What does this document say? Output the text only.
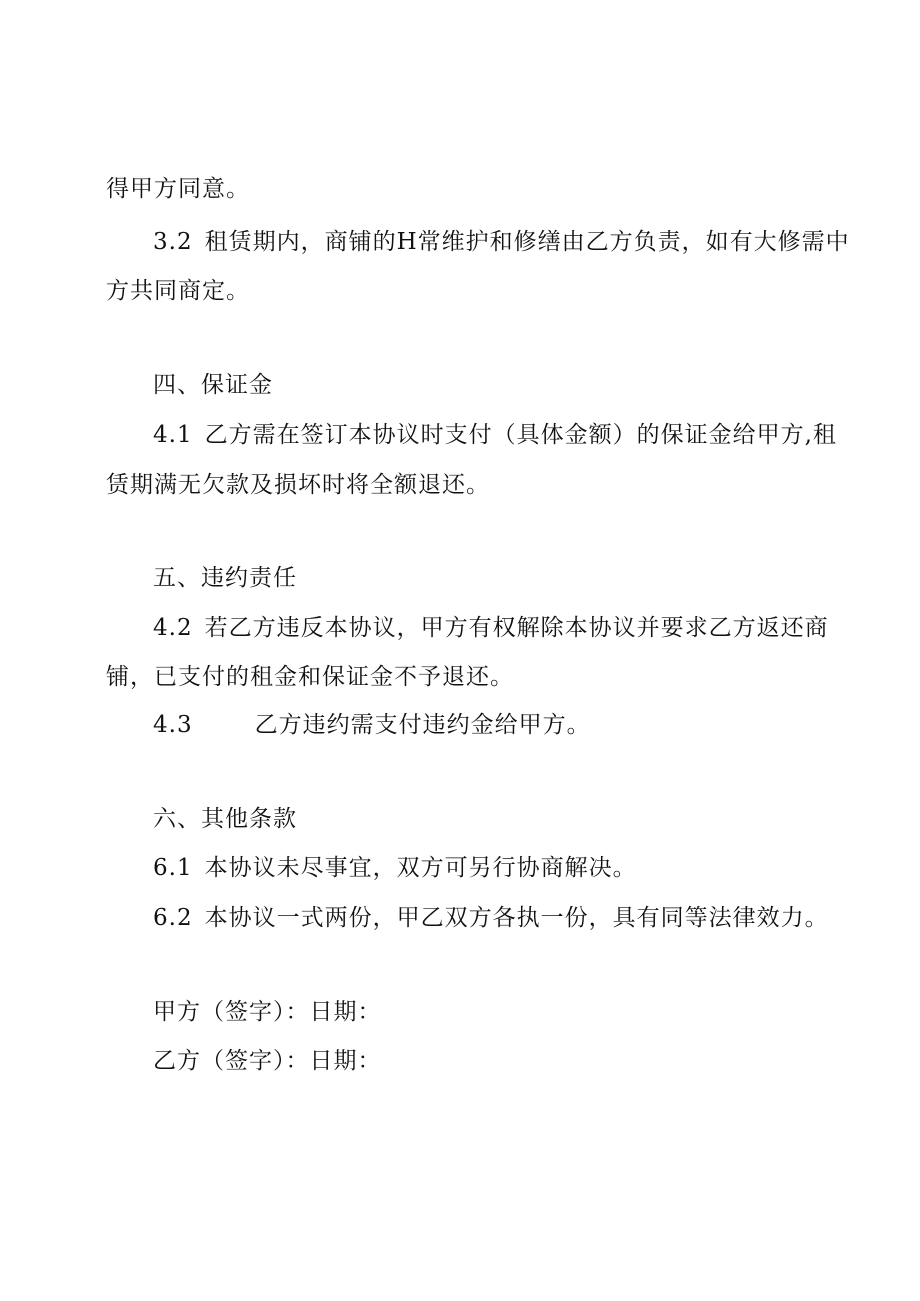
得甲方同意。
3.2 租赁期内，商铺的H常维护和修缮由乙方负责，如有大修需中
方共同商定。
四、保证金
4.1 乙方需在签订本协议时支付（具体金额）的保证金给甲方,租
赁期满无欠款及损坏时将全额退还。
五、违约责任
4.2 若乙方违反本协议，甲方有权解除本协议并要求乙方返还商
铺，已支付的租金和保证金不予退还。
4.3	乙方违约需支付违约金给甲方。
六、其他条款
6.1 本协议未尽事宜，双方可另行协商解决。
6.2 本协议一式两份，甲乙双方各执一份，具有同等法律效力。
甲方（签字）：日期：
乙方（签字）：日期：
